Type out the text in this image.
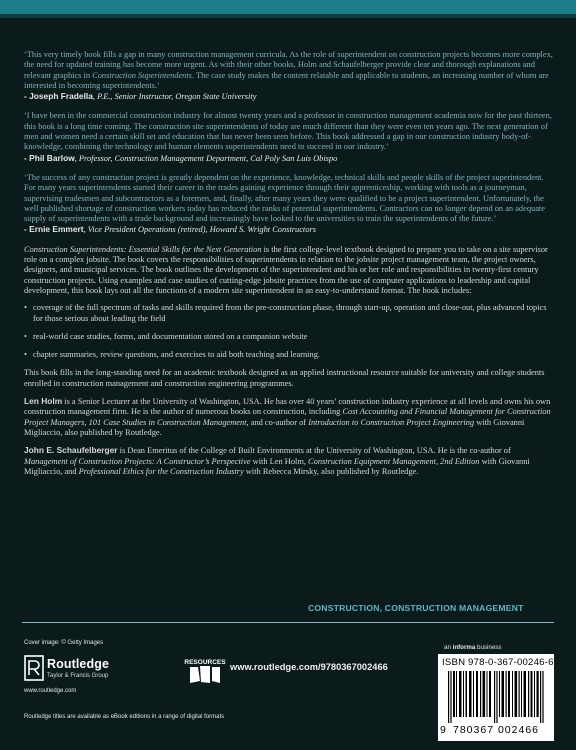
‘This very timely book fills a gap in many construction management curricula. As the role of superintendent on construction projects becomes more complex, the need for updated training has become more urgent. As with their other books, Holm and Schaufelberger provide clear and thorough explanations and relevant graphics in Construction Superintendents. The case study makes the content relatable and applicable to students, an increasing number of whom are interested in becoming superintendents.’

- Joseph Fradella, P.E., Senior Instructor, Oregon State University

‘I have been in the commercial construction industry for almost twenty years and a professor in construction management academia now for the past thirteen, this book is a long time coming. The construction site superintendents of today are much different than they were even ten years ago. The next generation of men and women need a certain skill set and education that has never been seen before. This book addressed a gap in our construction industry body-of-knowledge, combining the technology and human elements superintendents need to succeed in our industry.’

- Phil Barlow, Professor, Construction Management Department, Cal Poly San Luis Obispo

‘The success of any construction project is greatly dependent on the experience, knowledge, technical skills and people skills of the project superintendent. For many years superintendents started their career in the trades gaining experience through their apprenticeship, working with tools as a journeyman, supervising tradesmen and subcontractors as a foremen, and, finally, after many years they were qualified to be a project superintendent. Unfortunately, the well published shortage of construction workers today has reduced the ranks of potential superintendents. Contractors can no longer depend on an adequate supply of superintendents with a trade background and increasingly have looked to the universities to train the superintendents of the future.’

- Ernie Emmert, Vice President Operations (retired), Howard S. Wright Constructors

Construction Superintendents: Essential Skills for the Next Generation is the first college-level textbook designed to prepare you to take on a site supervisor role on a complex jobsite. The book covers the responsibilities of superintendents in relation to the jobsite project management team, the project owners, designers, and municipal services. The book outlines the development of the superintendent and his or her role and responsibilities in twenty-first century construction projects. Using examples and case studies of cutting-edge jobsite practices from the use of computer applications to leadership and capital development, this book lays out all the functions of a modern site superintendent in an easy-to-understand format. The book includes:

• coverage of the full spectrum of tasks and skills required from the pre-construction phase, through start-up, operation and close-out, plus advanced topics for those serious about leading the field
• real-world case studies, forms, and documentation stored on a companion website
• chapter summaries, review questions, and exercises to aid both teaching and learning.

This book fills in the long-standing need for an academic textbook designed as an applied instructional resource suitable for university and college students enrolled in construction management and construction engineering programmes.

Len Holm is a Senior Lecturer at the University of Washington, USA. He has over 40 years’ construction industry experience at all levels and owns his own construction management firm. He is the author of numerous books on construction, including Cost Accounting and Financial Management for Construction Project Managers, 101 Case Studies in Construction Management, and co-author of Introduction to Construction Project Engineering with Giovanni Migliaccio, also published by Routledge.

John E. Schaufelberger is Dean Emeritus of the College of Built Environments at the University of Washington, USA. He is the co-author of Management of Construction Projects: A Constructor’s Perspective with Len Holm, Construction Equipment Management, 2nd Edition with Giovanni Migliaccio, and Professional Ethics for the Construction Industry with Rebecca Mirsky, also published by Routledge.

CONSTRUCTION, CONSTRUCTION MANAGEMENT
Cover image: © Getty Images
Routledge
Taylor & Francis Group
www.routledge.com
Routledge titles are available as eBook editions in a range of digital formats
RESOURCES www.routledge.com/9780367002466
an informa business
ISBN 978-0-367-00246-6
9 780367 002466
